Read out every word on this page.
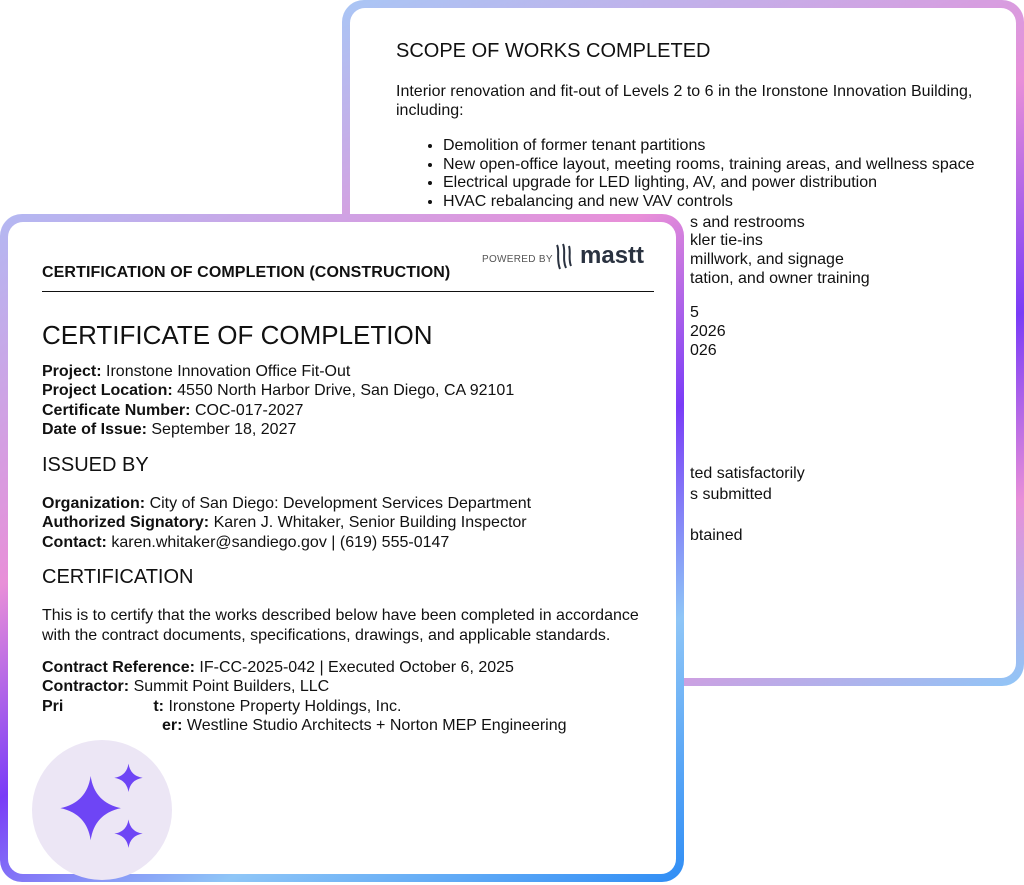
SCOPE OF WORKS COMPLETED
Interior renovation and fit-out of Levels 2 to 6 in the Ironstone Innovation Building, including:
• Demolition of former tenant partitions
• New open-office layout, meeting rooms, training areas, and wellness space
• Electrical upgrade for LED lighting, AV, and power distribution
• HVAC rebalancing and new VAV controls
s and restrooms
kler tie-ins
millwork, and signage
tation, and owner training
5
2026
026
ted satisfactorily
s submitted
btained
CERTIFICATION OF COMPLETION (CONSTRUCTION)
POWERED BY mastt
CERTIFICATE OF COMPLETION
Project: Ironstone Innovation Office Fit-Out
Project Location: 4550 North Harbor Drive, San Diego, CA 92101
Certificate Number: COC-017-2027
Date of Issue: September 18, 2027
ISSUED BY
Organization: City of San Diego: Development Services Department
Authorized Signatory: Karen J. Whitaker, Senior Building Inspector
Contact: karen.whitaker@sandiego.gov | (619) 555-0147
CERTIFICATION
This is to certify that the works described below have been completed in accordance with the contract documents, specifications, drawings, and applicable standards.
Contract Reference: IF-CC-2025-042 | Executed October 6, 2025
Contractor: Summit Point Builders, LLC
Pri	t: Ironstone Property Holdings, Inc.
er: Westline Studio Architects + Norton MEP Engineering
